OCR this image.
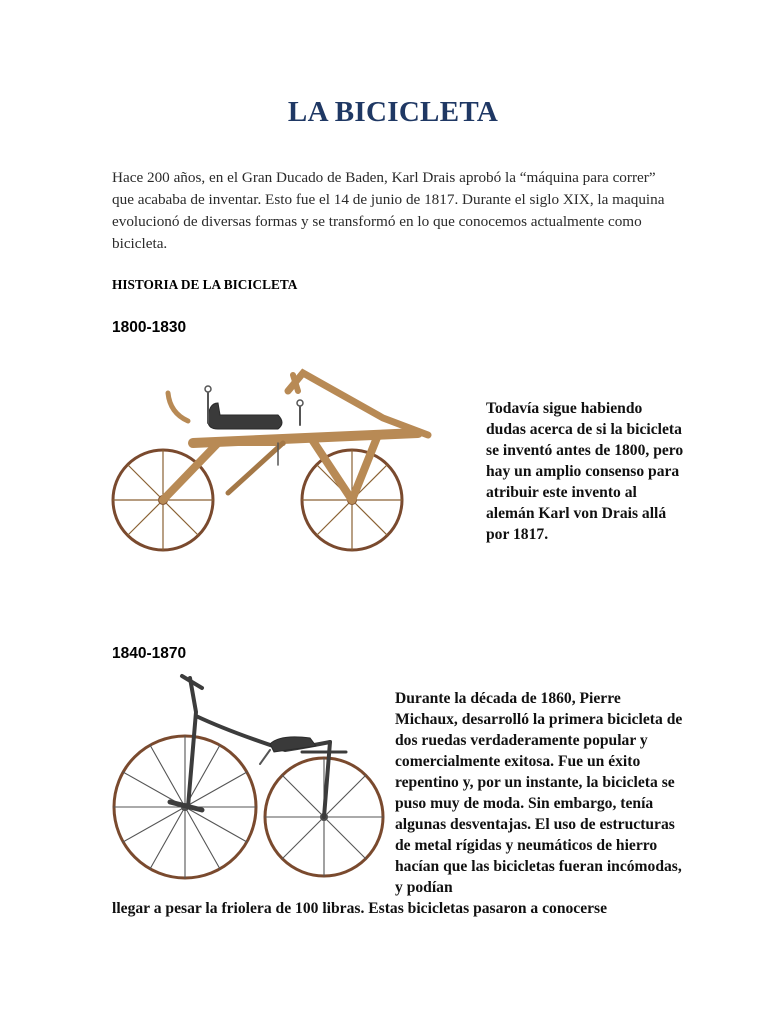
LA BICICLETA
Hace 200 años, en el Gran Ducado de Baden, Karl Drais aprobó la “máquina para correr” que acababa de inventar. Esto fue el 14 de junio de 1817. Durante el siglo XIX, la maquina evolucionó de diversas formas y se transformó en lo que conocemos actualmente como bicicleta.
HISTORIA DE LA BICICLETA
1800-1830
Todavía sigue habiendo dudas acerca de si la bicicleta se inventó antes de 1800, pero hay un amplio consenso para atribuir este invento al alemán Karl von Drais allá por 1817.
1840-1870
Durante la década de 1860, Pierre Michaux, desarrolló la primera bicicleta de dos ruedas verdaderamente popular y comercialmente exitosa. Fue un éxito repentino y, por un instante, la bicicleta se puso muy de moda. Sin embargo, tenía algunas desventajas. El uso de estructuras de metal rígidas y neumáticos de hierro hacían que las bicicletas fueran incómodas, y podían
llegar a pesar la friolera de 100 libras. Estas bicicletas pasaron a conocerse
